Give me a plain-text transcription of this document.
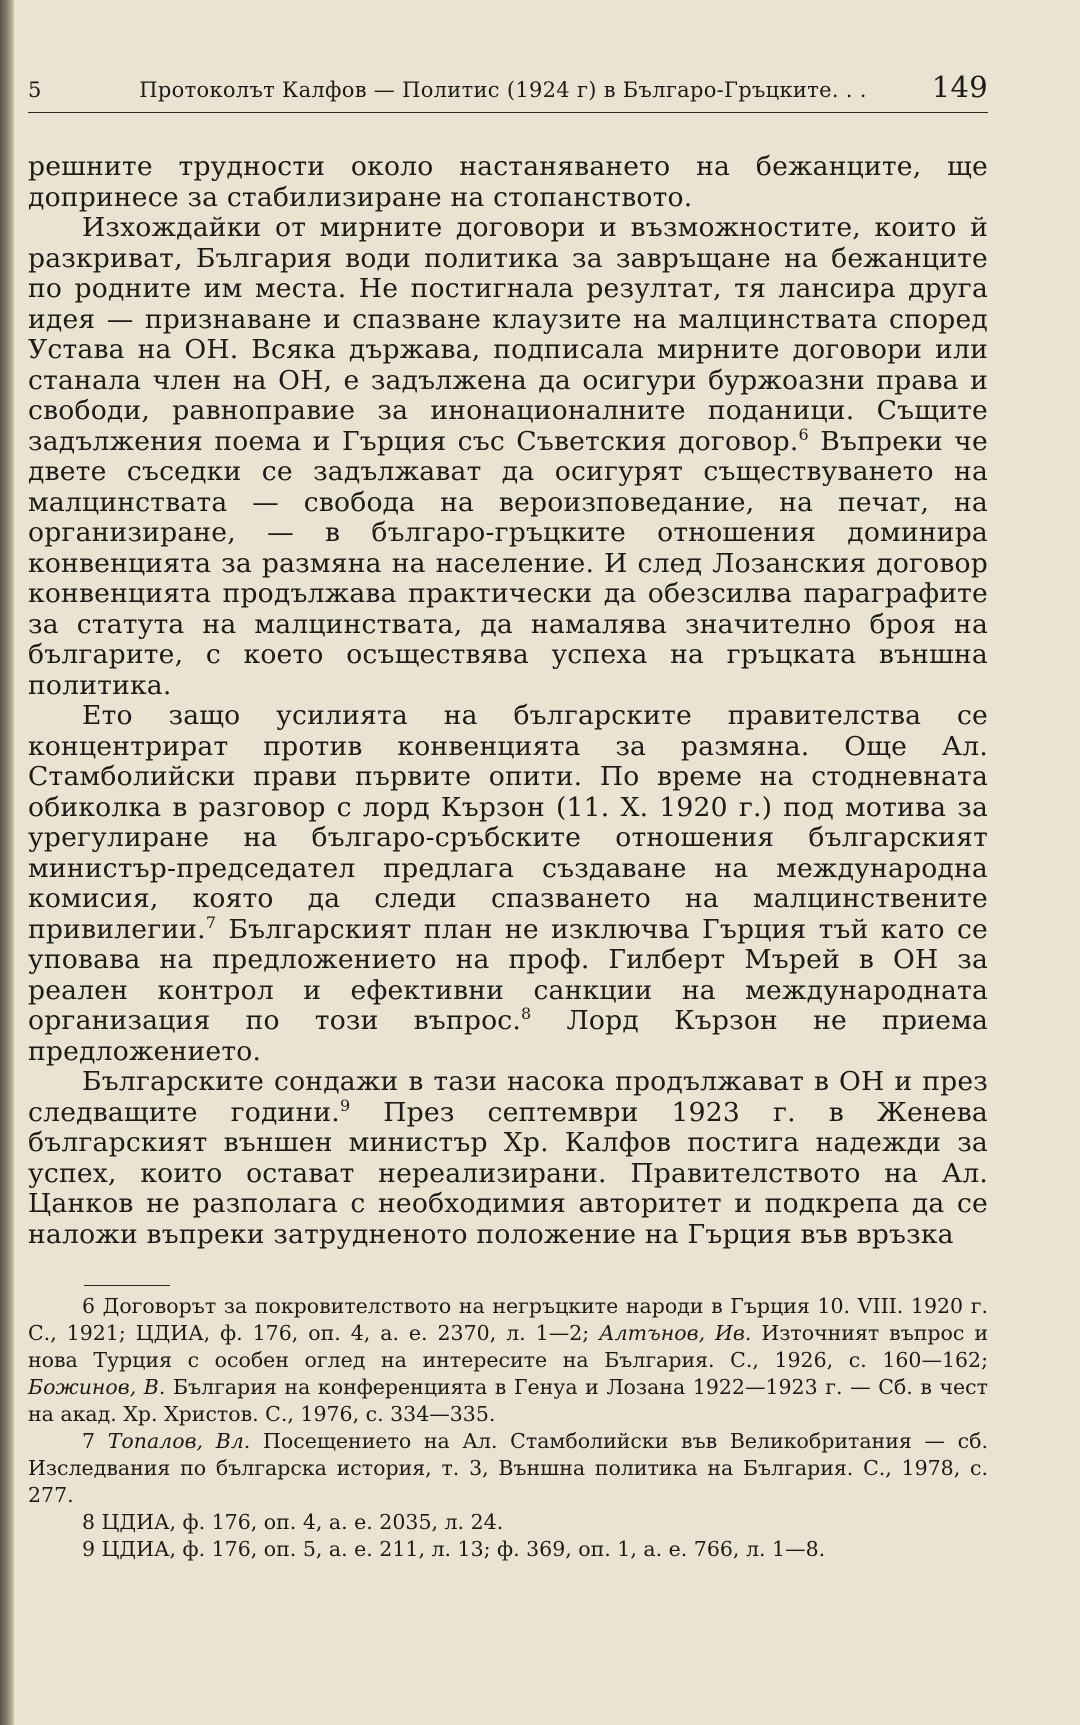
5	Протоколът Калфов — Политис (1924 г) в Българо-Гръцките. . .	149

решните трудности около настаняването на бежанците, ще допринесе за стабилизиране на стопанството.

Изхождайки от мирните договори и възможностите, които й разкриват, България води политика за завръщане на бежанците по родните им места. Не постигнала резултат, тя лансира друга идея — признаване и спазване клаузите на малцинствата според Устава на ОН. Всяка държава, подписала мирните договори или станала член на ОН, е задължена да осигури буржоазни права и свободи, равноправие за инонационалните поданици. Същите задължения поема и Гърция със Съветския договор.$^6$ Въпреки че двете съседки се задължават да осигурят съществуването на малцинствата — свобода на вероизповедание, на печат, на организиране, — в българо-гръцките отношения доминира конвенцията за размяна на население. И след Лозанския договор конвенцията продължава практически да обезсилва параграфите за статута на малцинствата, да намалява значително броя на българите, с което осъществява успеха на гръцката външна политика.

Ето защо усилията на българските правителства се концентрират против конвенцията за размяна. Още Ал. Стамболийски прави първите опити. По време на стодневната обиколка в разговор с лорд Кързон (11. X. 1920 г.) под мотива за урегулиране на българо-сръбските отношения българският министър-председател предлага създаване на международна комисия, която да следи спазването на малцинствените привилегии.$^7$ Българският план не изключва Гърция тъй като се уповава на предложението на проф. Гилберт Мърей в ОН за реален контрол и ефективни санкции на международната организация по този въпрос.$^8$ Лорд Кързон не приема предложението.

Българските сондажи в тази насока продължават в ОН и през следващите години.$^9$ През септември 1923 г. в Женева българският външен министър Хр. Калфов постига надежди за успех, които остават нереализирани. Правителството на Ал. Цанков не разполага с необходимия авторитет и подкрепа да се наложи въпреки затрудненото положение на Гърция във връзка

6 Договорът за покровителството на негръцките народи в Гърция 10. VIII. 1920 г. С., 1921; ЦДИА, ф. 176, оп. 4, а. е. 2370, л. 1—2; Алтънов, Ив. Източният въпрос и нова Турция с особен оглед на интересите на България. С., 1926, с. 160—162; Божинов, В. България на конференцията в Генуа и Лозана 1922—1923 г. — Сб. в чест на акад. Хр. Христов. С., 1976, с. 334—335.

7 Топалов, Вл. Посещението на Ал. Стамболийски във Великобритания — сб. Изследвания по българска история, т. 3, Външна политика на България. С., 1978, с. 277.

8 ЦДИА, ф. 176, оп. 4, а. е. 2035, л. 24.

9 ЦДИА, ф. 176, оп. 5, а. е. 211, л. 13; ф. 369, оп. 1, а. е. 766, л. 1—8.
